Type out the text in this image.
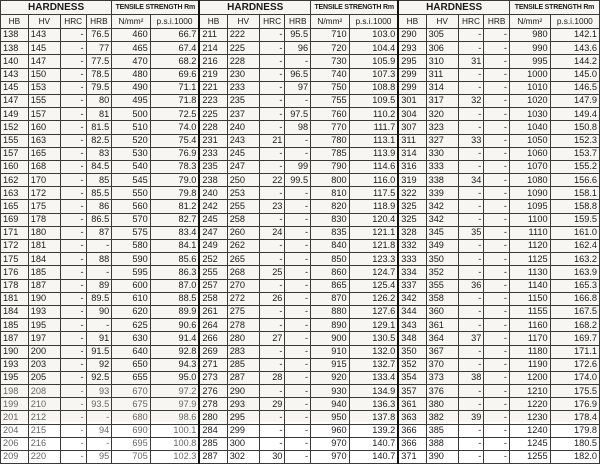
HARDNESS				TENSILE STRENGTH Rm		HARDNESS				TENSILE STRENGTH Rm		HARDNESS				TENSILE STRENGTH Rm	
HB	HV	HRC	HRB	N/mm²	p.s.i.1000	HB	HV	HRC	HRB	N/mm²	p.s.i.1000	HB	HV	HRC	HRB	N/mm²	p.s.i.1000
138	143	-	76.5	460	66.7	211	222	-	95.5	710	103.0	290	305	-	-	980	142.1
138	145	-	77	465	67.4	214	225	-	96	720	104.4	293	306	-	-	990	143.6
140	147	-	77.5	470	68.2	216	228	-	-	730	105.9	295	310	31	-	995	144.2
143	150	-	78.5	480	69.6	219	230	-	96.5	740	107.3	299	311	-	-	1000	145.0
145	153	-	79.5	490	71.1	221	233	-	97	750	108.8	299	314	-	-	1010	146.5
147	155	-	80	495	71.8	223	235	-	-	755	109.5	301	317	32	-	1020	147.9
149	157	-	81	500	72.5	225	237	-	97.5	760	110.2	304	320	-	-	1030	149.4
152	160	-	81.5	510	74.0	228	240	-	98	770	111.7	307	323	-	-	1040	150.8
155	163	-	82.5	520	75.4	231	243	21	-	780	113.1	311	327	33	-	1050	152.3
157	165	-	83	530	76.9	233	245	-	-	785	113.9	314	330	-	-	1060	153.7
160	168	-	84.5	540	78.3	235	247	-	99	790	114.6	316	333	-	-	1070	155.2
162	170	-	85	545	79.0	238	250	22	99.5	800	116.0	319	338	34	-	1080	156.6
163	172	-	85.5	550	79.8	240	253	-	-	810	117.5	322	339	-	-	1090	158.1
165	175	-	86	560	81.2	242	255	23	-	820	118.9	325	342	-	-	1095	158.8
169	178	-	86.5	570	82.7	245	258	-	-	830	120.4	325	342	-	-	1100	159.5
171	180	-	87	575	83.4	247	260	24	-	835	121.1	328	345	35	-	1110	161.0
172	181	-	-	580	84.1	249	262	-	-	840	121.8	332	349	-	-	1120	162.4
175	184	-	88	590	85.6	252	265	-	-	850	123.3	333	350	-	-	1125	163.2
176	185	-	-	595	86.3	255	268	25	-	860	124.7	334	352	-	-	1130	163.9
178	187	-	89	600	87.0	257	270	-	-	865	125.4	337	355	36	-	1140	165.3
181	190	-	89.5	610	88.5	258	272	26	-	870	126.2	342	358	-	-	1150	166.8
184	193	-	90	620	89.9	261	275	-	-	880	127.6	344	360	-	-	1155	167.5
185	195	-	-	625	90.6	264	278	-	-	890	129.1	343	361	-	-	1160	168.2
187	197	-	91	630	91.4	266	280	27	-	900	130.5	348	364	37	-	1170	169.7
190	200	-	91.5	640	92.8	269	283	-	-	910	132.0	350	367	-	-	1180	171.1
193	203	-	92	650	94.3	271	285	-	-	915	132.7	352	370	-	-	1190	172.6
195	205	-	92.5	655	95.0	273	287	28	-	920	133.4	354	373	38	-	1200	174.0
198	208	-	93	670	97.2	276	290	-	-	930	134.9	357	376	-	-	1210	175.5
199	210	-	93.5	675	97.9	278	293	29	-	940	136.3	361	380	-	-	1220	176.9
201	212	-	-	680	98.6	280	295	-	-	950	137.8	363	382	39	-	1230	178.4
204	215	-	94	690	100.1	284	299	-	-	960	139.2	366	385	-	-	1240	179.8
206	216	-	-	695	100.8	285	300	-	-	970	140.7	366	388	-	-	1245	180.5
209	220	-	95	705	102.3	287	302	30	-	970	140.7	371	390	-	-	1255	182.0
